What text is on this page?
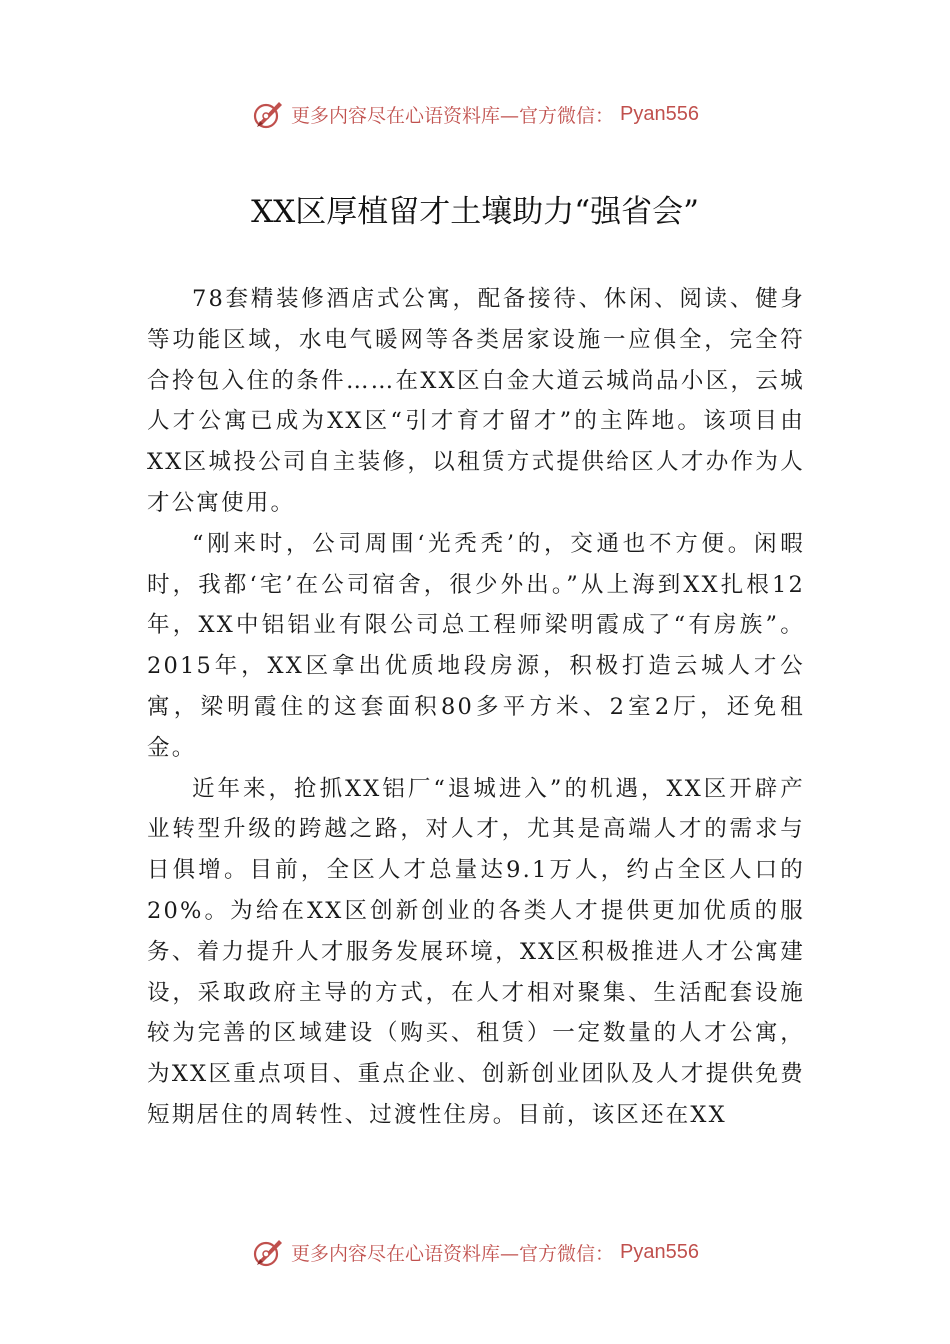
更多内容尽在心语资料库—官方微信： Pyan556
XX区厚植留才土壤助力“强省会”

78套精装修酒店式公寓，配备接待、休闲、阅读、健身等功能区域，水电气暖网等各类居家设施一应俱全，完全符合拎包入住的条件……在XX区白金大道云城尚品小区，云城人才公寓已成为XX区“引才育才留才”的主阵地。该项目由XX区城投公司自主装修，以租赁方式提供给区人才办作为人才公寓使用。

“刚来时，公司周围‘光秃秃’的，交通也不方便。闲暇时，我都‘宅’在公司宿舍，很少外出。”从上海到XX扎根12年，XX中铝铝业有限公司总工程师梁明霞成了“有房族”。2015年，XX区拿出优质地段房源，积极打造云城人才公寓，梁明霞住的这套面积80多平方米、2室2厅，还免租金。

近年来，抢抓XX铝厂“退城进⼊”的机遇，XX区开辟产业转型升级的跨越之路，对人才，尤其是高端人才的需求与日俱增。目前，全区人才总量达9.1万人，约占全区人口的20%。为给在XX区创新创业的各类人才提供更加优质的服务、着力提升人才服务发展环境，XX区积极推进人才公寓建设，采取政府主导的方式，在人才相对聚集、生活配套设施较为完善的区域建设（购买、租赁）一定数量的人才公寓，为XX区重点项目、重点企业、创新创业团队及人才提供免费短期居住的周转性、过渡性住房。目前，该区还在XX

更多内容尽在心语资料库—官方微信： Pyan556
